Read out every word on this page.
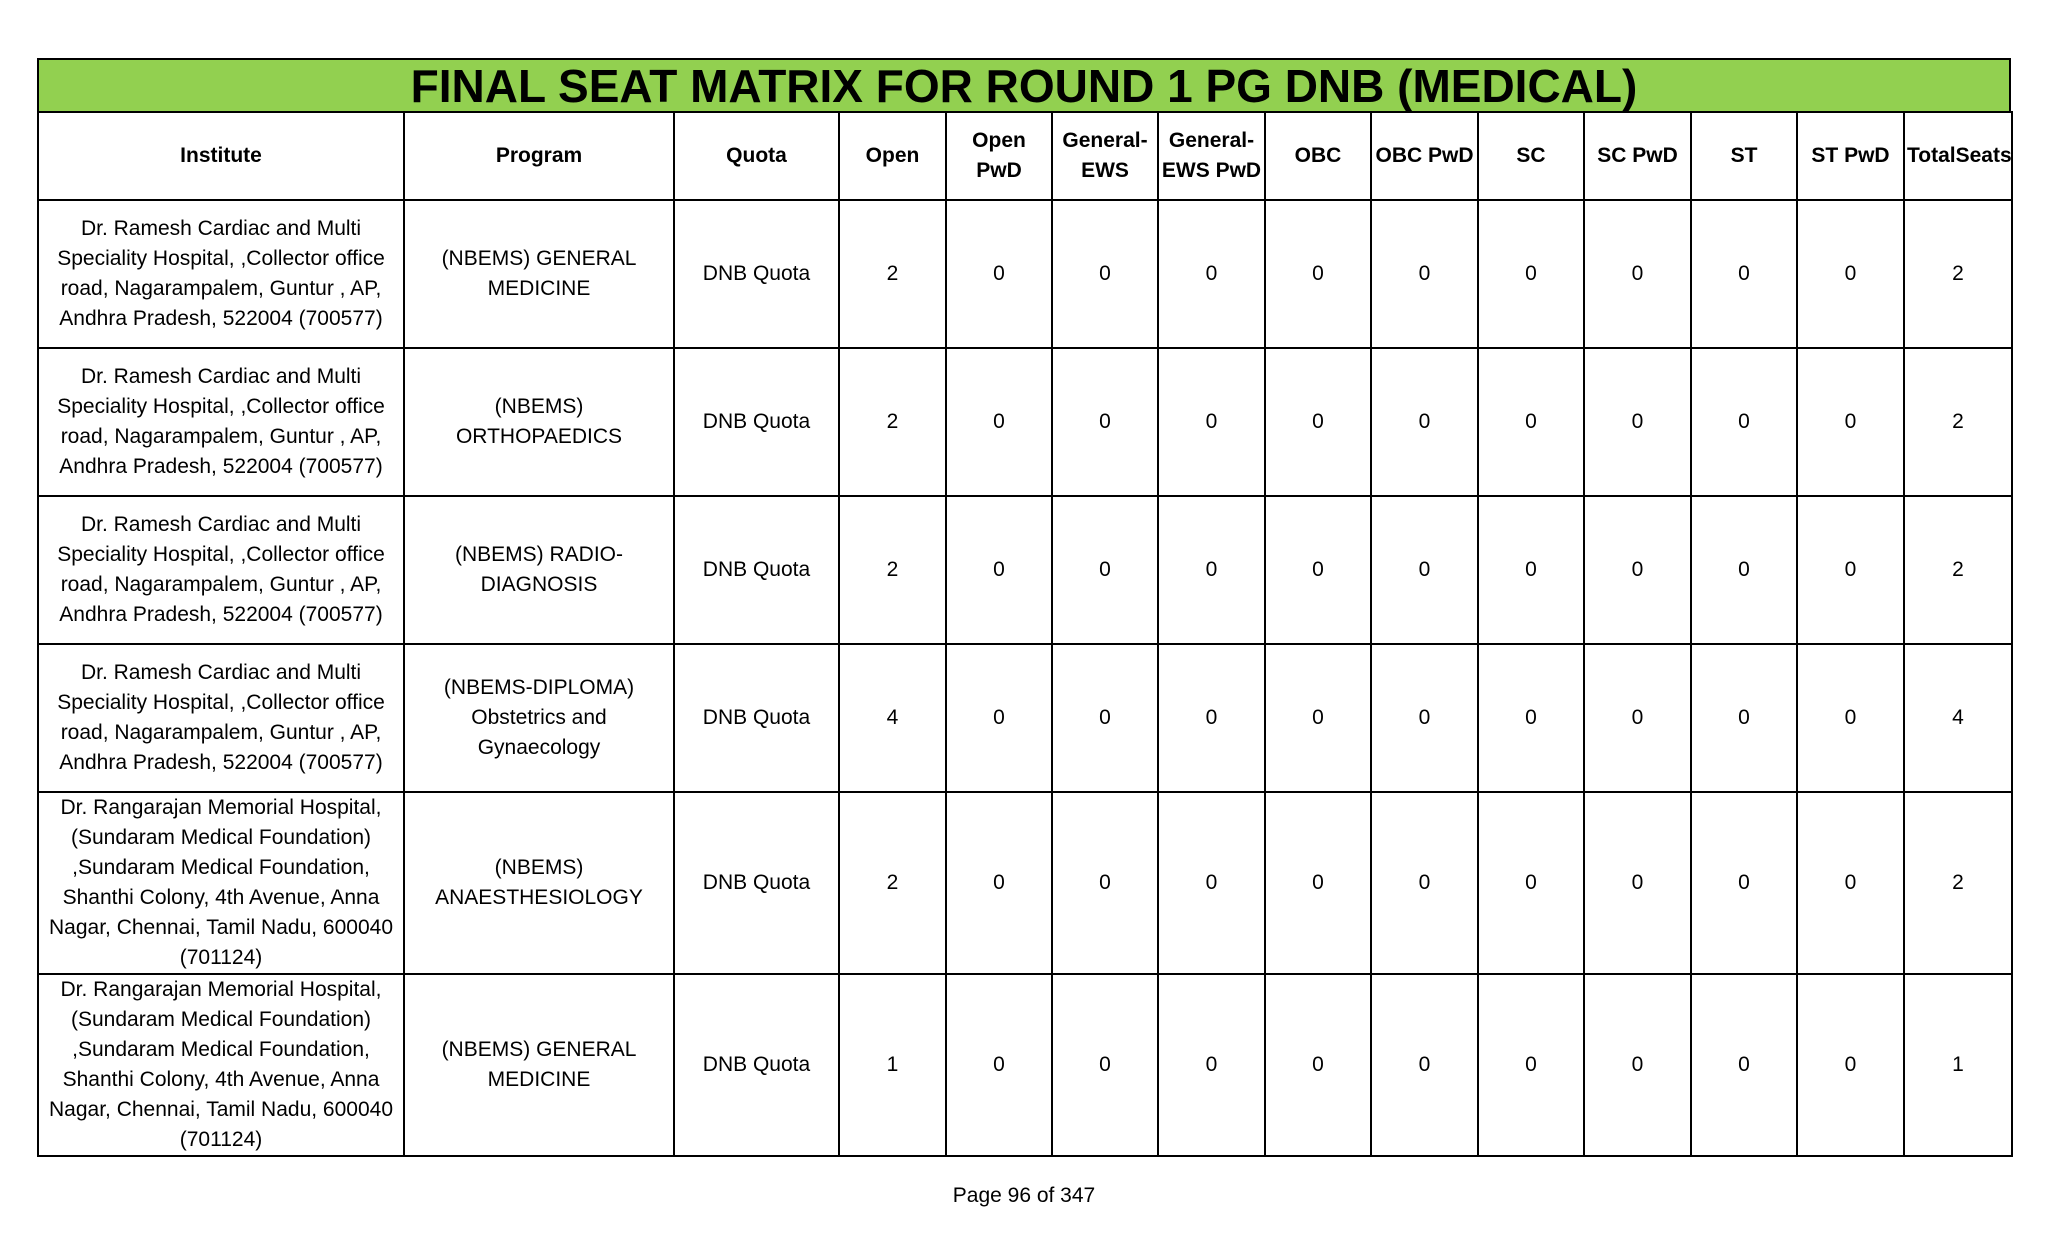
FINAL SEAT MATRIX FOR ROUND 1 PG DNB (MEDICAL)
Institute	Program	Quota	Open	Open PwD	General-EWS	General-EWS PwD	OBC	OBC PwD	SC	SC PwD	ST	ST PwD	TotalSeats
Dr. Ramesh Cardiac and Multi Speciality Hospital, ,Collector office road, Nagarampalem, Guntur , AP, Andhra Pradesh, 522004 (700577)	(NBEMS) GENERAL MEDICINE	DNB Quota	2	0	0	0	0	0	0	0	0	0	2
Dr. Ramesh Cardiac and Multi Speciality Hospital, ,Collector office road, Nagarampalem, Guntur , AP, Andhra Pradesh, 522004 (700577)	(NBEMS) ORTHOPAEDICS	DNB Quota	2	0	0	0	0	0	0	0	0	0	2
Dr. Ramesh Cardiac and Multi Speciality Hospital, ,Collector office road, Nagarampalem, Guntur , AP, Andhra Pradesh, 522004 (700577)	(NBEMS) RADIO-DIAGNOSIS	DNB Quota	2	0	0	0	0	0	0	0	0	0	2
Dr. Ramesh Cardiac and Multi Speciality Hospital, ,Collector office road, Nagarampalem, Guntur , AP, Andhra Pradesh, 522004 (700577)	(NBEMS-DIPLOMA) Obstetrics and Gynaecology	DNB Quota	4	0	0	0	0	0	0	0	0	0	4
Dr. Rangarajan Memorial Hospital, (Sundaram Medical Foundation) ,Sundaram Medical Foundation, Shanthi Colony, 4th Avenue, Anna Nagar, Chennai, Tamil Nadu, 600040 (701124)	(NBEMS) ANAESTHESIOLOGY	DNB Quota	2	0	0	0	0	0	0	0	0	0	2
Dr. Rangarajan Memorial Hospital, (Sundaram Medical Foundation) ,Sundaram Medical Foundation, Shanthi Colony, 4th Avenue, Anna Nagar, Chennai, Tamil Nadu, 600040 (701124)	(NBEMS) GENERAL MEDICINE	DNB Quota	1	0	0	0	0	0	0	0	0	0	1
Page 96 of 347
